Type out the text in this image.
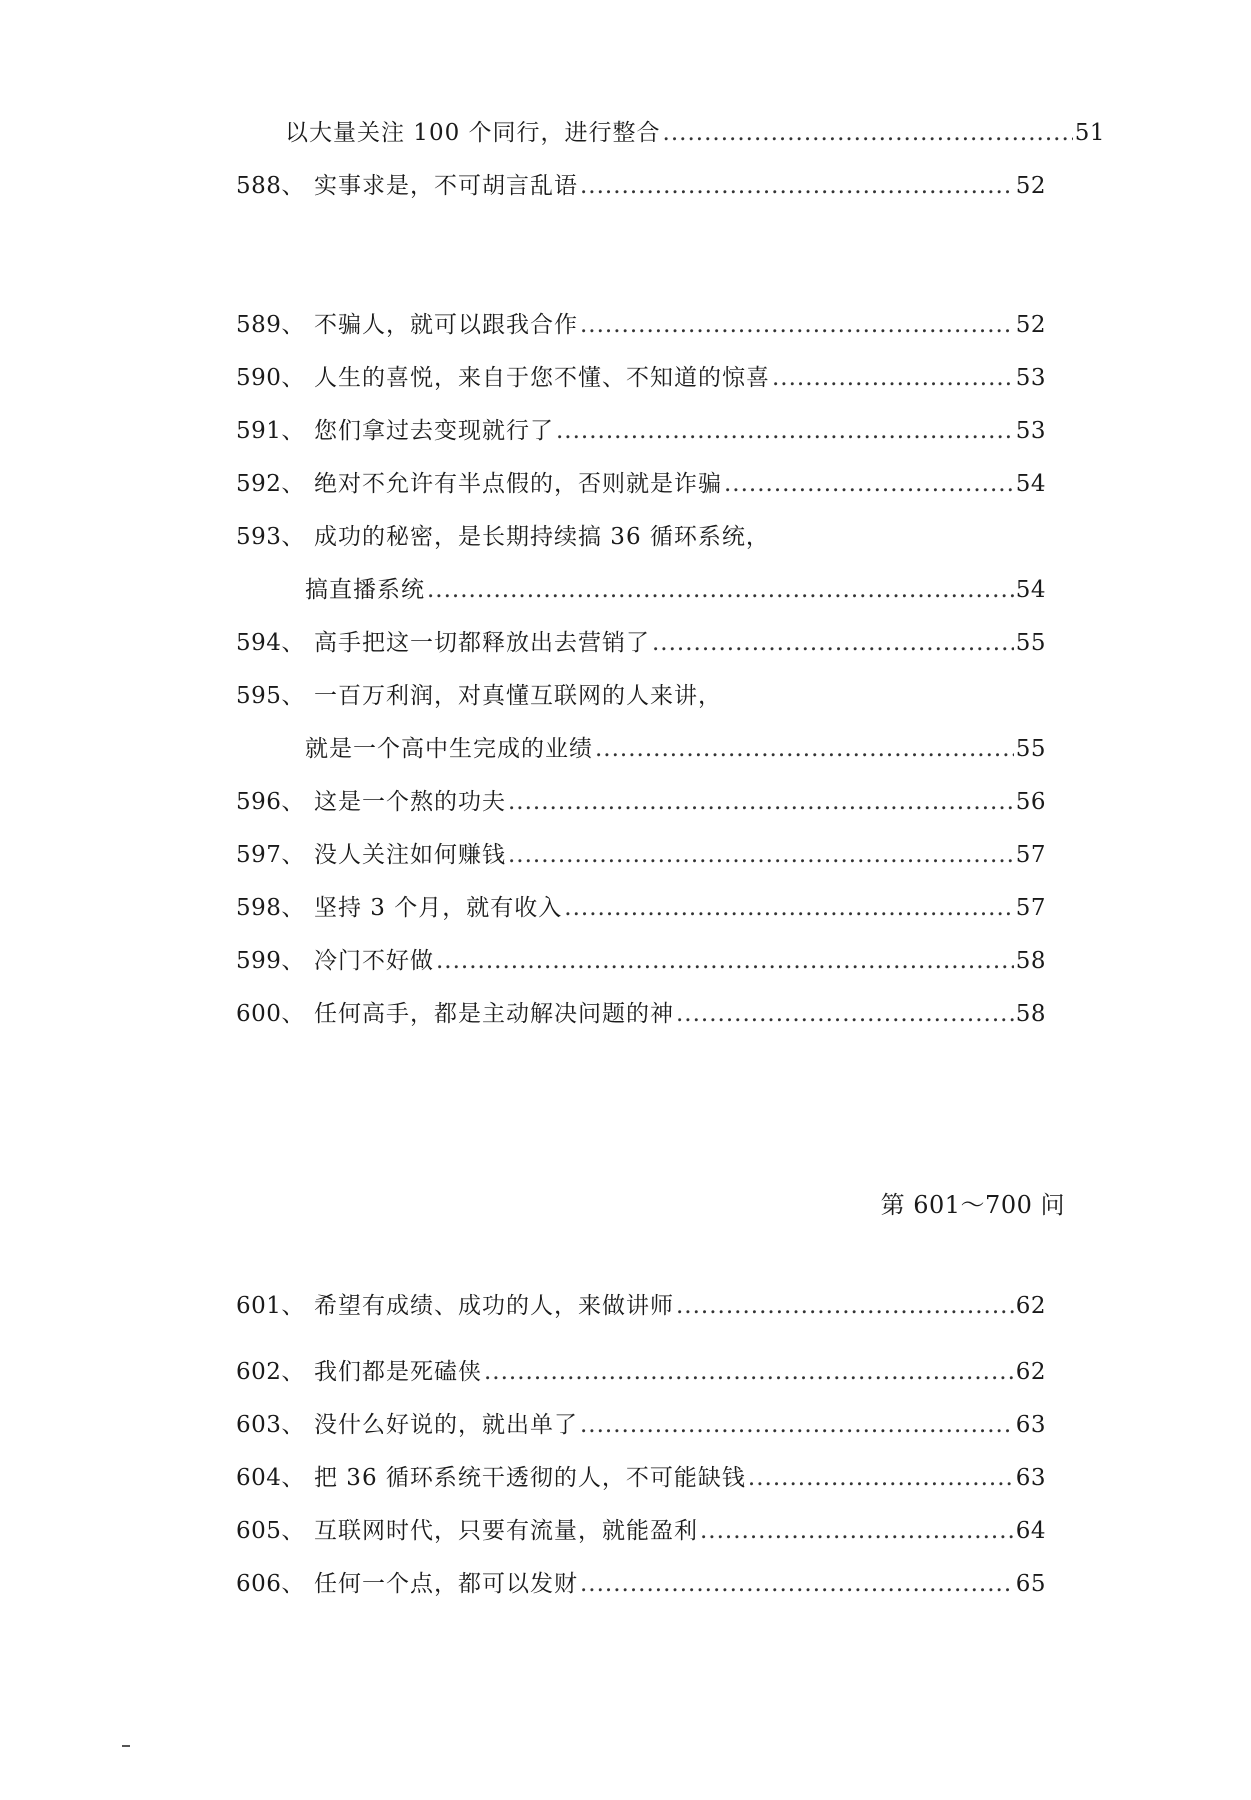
以大量关注 100 个同行，进行整合 .....	51
588、 实事求是，不可胡言乱语 .....	52
589、 不骗人，就可以跟我合作 .....	52
590、 人生的喜悦，来自于您不懂、不知道的惊喜 .....	53
591、 您们拿过去变现就行了 .....	53
592、 绝对不允许有半点假的，否则就是诈骗 .....	54
593、 成功的秘密，是长期持续搞 36 循环系统，
搞直播系统 .....	54
594、 高手把这一切都释放出去营销了 .....	55
595、 一百万利润，对真懂互联网的人来讲，
就是一个高中生完成的业绩 .....	55
596、 这是一个熬的功夫 .....	56
597、 没人关注如何赚钱 .....	57
598、 坚持 3 个月，就有收入 .....	57
599、 冷门不好做 .....	58
600、 任何高手，都是主动解决问题的神 .....	58
第 601～700 问
601、 希望有成绩、成功的人，来做讲师 .....	62
602、 我们都是死磕侠 .....	62
603、 没什么好说的，就出单了 .....	63
604、 把 36 循环系统干透彻的人，不可能缺钱 .....	63
605、 互联网时代，只要有流量，就能盈利 .....	64
606、 任何一个点，都可以发财 .....	65
